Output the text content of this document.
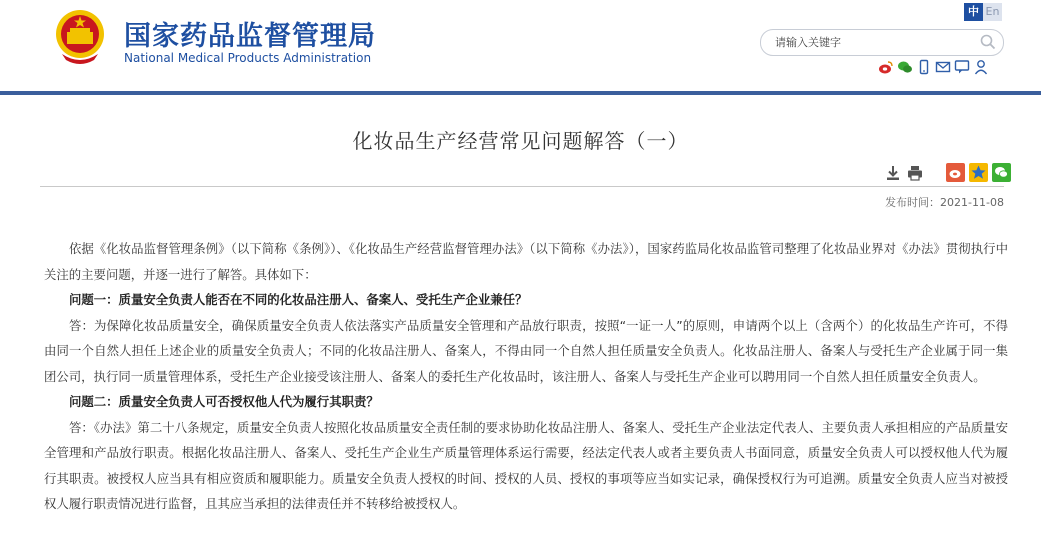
国家药品监督管理局
National Medical Products Administration
中 En
请输入关键字
化妆品生产经营常见问题解答（一）
发布时间：2021-11-08

依据《化妆品监督管理条例》（以下简称《条例》）、《化妆品生产经营监督管理办法》（以下简称《办法》），国家药监局化妆品监管司整理了化妆品业界对《办法》贯彻执行中关注的主要问题，并逐一进行了解答。具体如下：

问题一：质量安全负责人能否在不同的化妆品注册人、备案人、受托生产企业兼任？

答：为保障化妆品质量安全，确保质量安全负责人依法落实产品质量安全管理和产品放行职责，按照“一证一人”的原则，申请两个以上（含两个）的化妆品生产许可，不得由同一个自然人担任上述企业的质量安全负责人；不同的化妆品注册人、备案人，不得由同一个自然人担任质量安全负责人。化妆品注册人、备案人与受托生产企业属于同一集团公司，执行同一质量管理体系，受托生产企业接受该注册人、备案人的委托生产化妆品时，该注册人、备案人与受托生产企业可以聘用同一个自然人担任质量安全负责人。

问题二：质量安全负责人可否授权他人代为履行其职责？

答：《办法》第二十八条规定，质量安全负责人按照化妆品质量安全责任制的要求协助化妆品注册人、备案人、受托生产企业法定代表人、主要负责人承担相应的产品质量安全管理和产品放行职责。根据化妆品注册人、备案人、受托生产企业生产质量管理体系运行需要，经法定代表人或者主要负责人书面同意，质量安全负责人可以授权他人代为履行其职责。被授权人应当具有相应资质和履职能力。质量安全负责人授权的时间、授权的人员、授权的事项等应当如实记录，确保授权行为可追溯。质量安全负责人应当对被授权人履行职责情况进行监督，且其应当承担的法律责任并不转移给被授权人。
